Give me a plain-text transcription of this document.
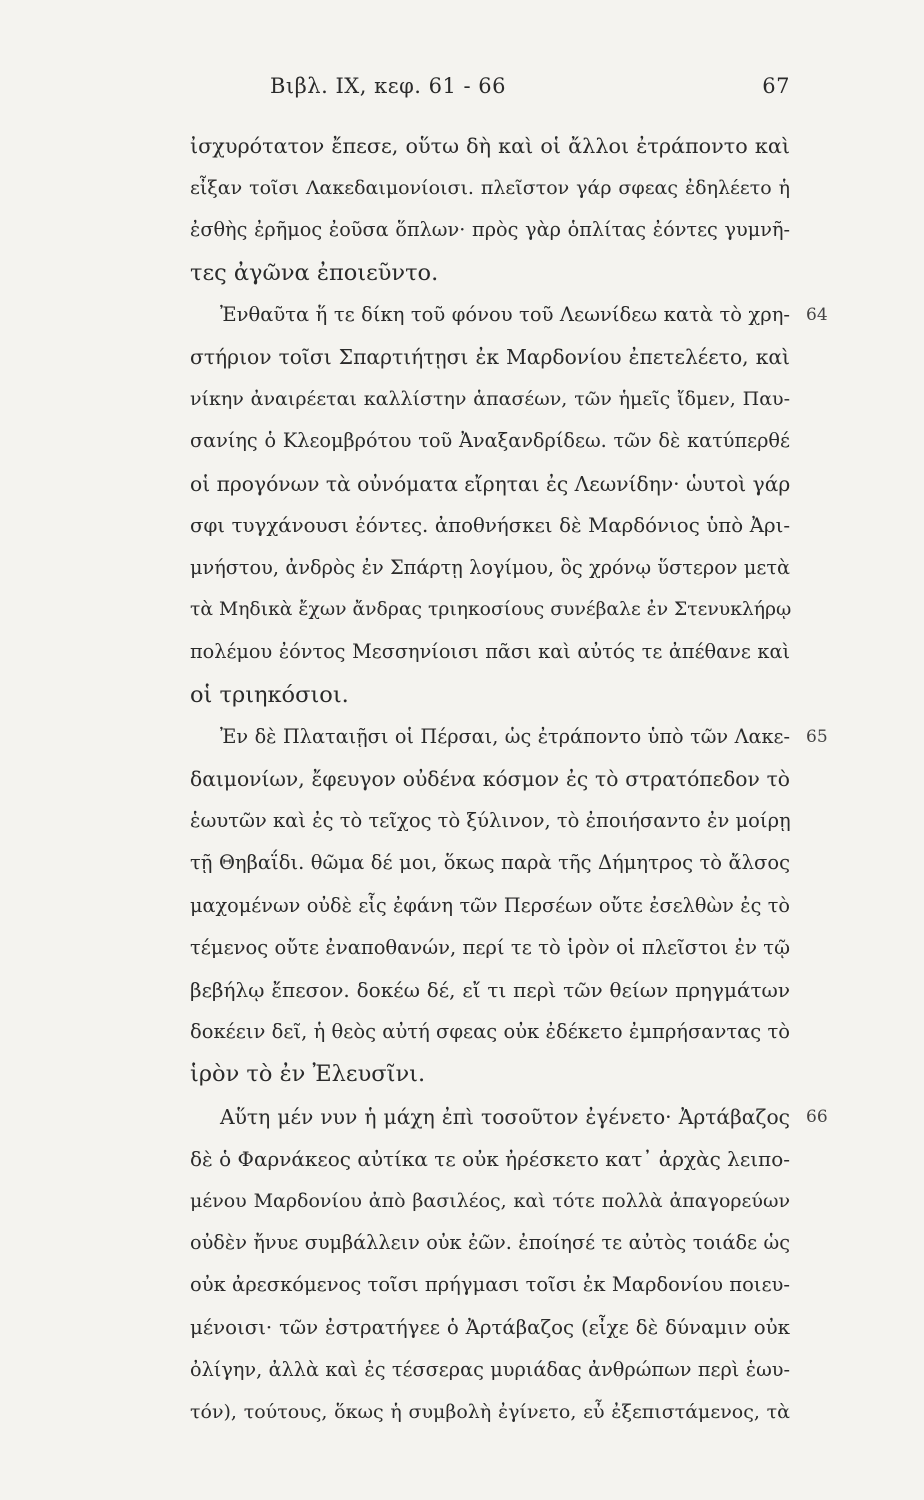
Βιβλ. ΙΧ, κεφ. 61 - 66	67
ἰσχυρότατον ἔπεσε, οὕτω δὴ καὶ οἱ ἄλλοι ἐτράποντο καὶ
εἶξαν τοῖσι Λακεδαιμονίοισι. πλεῖστον γάρ σφεας ἐδηλέετο ἡ
ἐσθὴς ἐρῆμος ἐοῦσα ὅπλων· πρὸς γὰρ ὁπλίτας ἐόντες γυμνῆ-
τες ἀγῶνα ἐποιεῦντο.
Ἐνθαῦτα ἥ τε δίκη τοῦ φόνου τοῦ Λεωνίδεω κατὰ τὸ χρη-
στήριον τοῖσι Σπαρτιήτῃσι ἐκ Μαρδονίου ἐπετελέετο, καὶ
νίκην ἀναιρέεται καλλίστην ἁπασέων, τῶν ἡμεῖς ἴδμεν, Παυ-
σανίης ὁ Κλεομβρότου τοῦ Ἀναξανδρίδεω. τῶν δὲ κατύπερθέ
οἱ προγόνων τὰ οὐνόματα εἴρηται ἐς Λεωνίδην· ὡυτοὶ γάρ
σφι τυγχάνουσι ἐόντες. ἀποθνήσκει δὲ Μαρδόνιος ὑπὸ Ἀρι-
μνήστου, ἀνδρὸς ἐν Σπάρτῃ λογίμου, ὃς χρόνῳ ὕστερον μετὰ
τὰ Μηδικὰ ἔχων ἄνδρας τριηκοσίους συνέβαλε ἐν Στενυκλήρῳ
πολέμου ἐόντος Μεσσηνίοισι πᾶσι καὶ αὐτός τε ἀπέθανε καὶ
οἱ τριηκόσιοι.
Ἐν δὲ Πλαταιῇσι οἱ Πέρσαι, ὡς ἐτράποντο ὑπὸ τῶν Λακε-
δαιμονίων, ἔφευγον οὐδένα κόσμον ἐς τὸ στρατόπεδον τὸ
ἑωυτῶν καὶ ἐς τὸ τεῖχος τὸ ξύλινον, τὸ ἐποιήσαντο ἐν μοίρῃ
τῇ Θηβαΐδι. θῶμα δέ μοι, ὅκως παρὰ τῆς Δήμητρος τὸ ἄλσος
μαχομένων οὐδὲ εἷς ἐφάνη τῶν Περσέων οὔτε ἐσελθὼν ἐς τὸ
τέμενος οὔτε ἐναποθανών, περί τε τὸ ἱρὸν οἱ πλεῖστοι ἐν τῷ
βεβήλῳ ἔπεσον. δοκέω δέ, εἴ τι περὶ τῶν θείων πρηγμάτων
δοκέειν δεῖ, ἡ θεὸς αὐτή σφεας οὐκ ἐδέκετο ἐμπρήσαντας τὸ
ἱρὸν τὸ ἐν Ἐλευσῖνι.
Αὕτη μέν νυν ἡ μάχη ἐπὶ τοσοῦτον ἐγένετο· Ἀρτάβαζος
δὲ ὁ Φαρνάκεος αὐτίκα τε οὐκ ἠρέσκετο κατ᾽ ἀρχὰς λειπο-
μένου Μαρδονίου ἀπὸ βασιλέος, καὶ τότε πολλὰ ἀπαγορεύων
οὐδὲν ἤνυε συμβάλλειν οὐκ ἐῶν. ἐποίησέ τε αὐτὸς τοιάδε ὡς
οὐκ ἀρεσκόμενος τοῖσι πρήγμασι τοῖσι ἐκ Μαρδονίου ποιευ-
μένοισι· τῶν ἐστρατήγεε ὁ Ἀρτάβαζος (εἶχε δὲ δύναμιν οὐκ
ὀλίγην, ἀλλὰ καὶ ἐς τέσσερας μυριάδας ἀνθρώπων περὶ ἑωυ-
τόν), τούτους, ὅκως ἡ συμβολὴ ἐγίνετο, εὖ ἐξεπιστάμενος, τὰ
64
65
66
